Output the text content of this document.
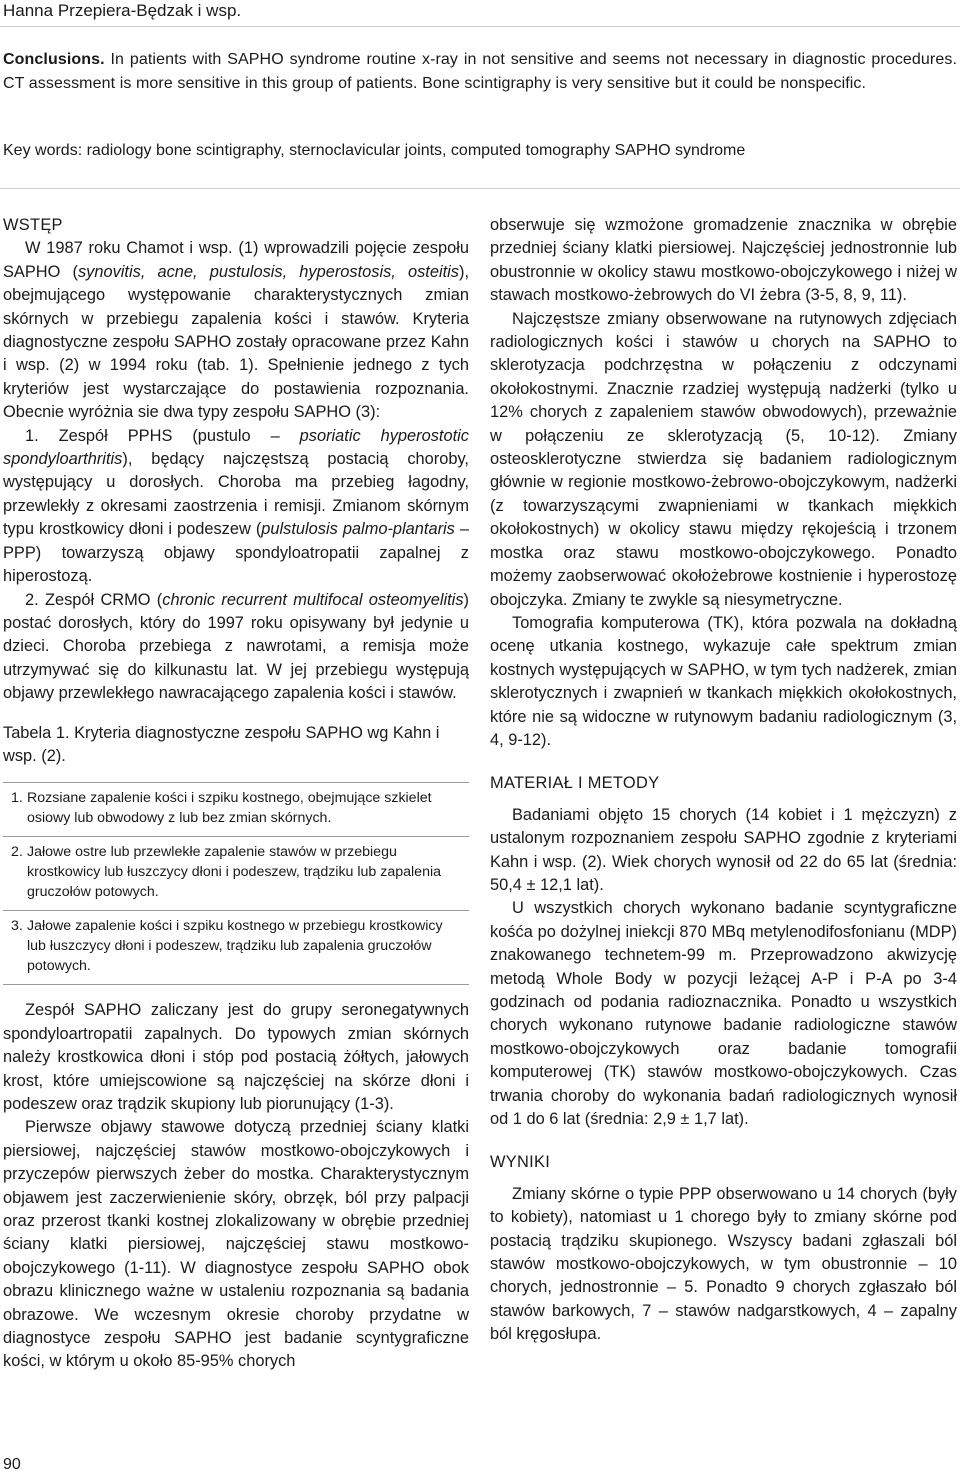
Hanna Przepiera-Będzak i wsp.
Conclusions. In patients with SAPHO syndrome routine x-ray in not sensitive and seems not necessary in diagnostic procedures. CT assessment is more sensitive in this group of patients. Bone scintigraphy is very sensitive but it could be nonspecific.
Key words: radiology bone scintigraphy, sternoclavicular joints, computed tomography SAPHO syndrome
WSTĘP

W 1987 roku Chamot i wsp. (1) wprowadzili pojęcie zespołu SAPHO (synovitis, acne, pustulosis, hyperostosis, osteitis), obejmującego występowanie charakterystycznych zmian skórnych w przebiegu zapalenia kości i stawów. Kryteria diagnostyczne zespołu SAPHO zostały opracowane przez Kahn i wsp. (2) w 1994 roku (tab. 1). Spełnienie jednego z tych kryteriów jest wystarczające do postawienia rozpoznania. Obecnie wyróżnia sie dwa typy zespołu SAPHO (3):

1. Zespół PPHS (pustulo – psoriatic hyperostotic spondyloarthritis), będący najczęstszą postacią choroby, występujący u dorosłych. Choroba ma przebieg łagodny, przewlekły z okresami zaostrzenia i remisji. Zmianom skórnym typu krostkowicy dłoni i podeszew (pulstulosis palmo-plantaris – PPP) towarzyszą objawy spondyloatropatii zapalnej z hiperostozą.

2. Zespół CRMO (chronic recurrent multifocal osteomyelitis) postać dorosłych, który do 1997 roku opisywany był jedynie u dzieci. Choroba przebiega z nawrotami, a remisja może utrzymywać się do kilkunastu lat. W jej przebiegu występują objawy przewlekłego nawracającego zapalenia kości i stawów.

Tabela 1. Kryteria diagnostyczne zespołu SAPHO wg Kahn i wsp. (2).

1. Rozsiane zapalenie kości i szpiku kostnego, obejmujące szkielet osiowy lub obwodowy z lub bez zmian skórnych.

2. Jałowe ostre lub przewlekłe zapalenie stawów w przebiegu krostkowicy lub łuszczycy dłoni i podeszew, trądziku lub zapalenia gruczołów potowych.

3. Jałowe zapalenie kości i szpiku kostnego w przebiegu krostkowicy lub łuszczycy dłoni i podeszew, trądziku lub zapalenia gruczołów potowych.

Zespół SAPHO zaliczany jest do grupy seronegatywnych spondyloartropatii zapalnych. Do typowych zmian skórnych należy krostkowica dłoni i stóp pod postacią żółtych, jałowych krost, które umiejscowione są najczęściej na skórze dłoni i podeszew oraz trądzik skupiony lub piorunujący (1-3).

Pierwsze objawy stawowe dotyczą przedniej ściany klatki piersiowej, najczęściej stawów mostkowo-obojczykowych i przyczepów pierwszych żeber do mostka. Charakterystycznym objawem jest zaczerwienienie skóry, obrzęk, ból przy palpacji oraz przerost tkanki kostnej zlokalizowany w obrębie przedniej ściany klatki piersiowej, najczęściej stawu mostkowo-obojczykowego (1-11). W diagnostyce zespołu SAPHO obok obrazu klinicznego ważne w ustaleniu rozpoznania są badania obrazowe. We wczesnym okresie choroby przydatne w diagnostyce zespołu SAPHO jest badanie scyntygraficzne kości, w którym u około 85-95% chorych

obserwuje się wzmożone gromadzenie znacznika w obrębie przedniej ściany klatki piersiowej. Najczęściej jednostronnie lub obustronnie w okolicy stawu mostkowo-obojczykowego i niżej w stawach mostkowo-żebrowych do VI żebra (3-5, 8, 9, 11).

Najczęstsze zmiany obserwowane na rutynowych zdjęciach radiologicznych kości i stawów u chorych na SAPHO to sklerotyzacja podchrzęstna w połączeniu z odczynami okołokostnymi. Znacznie rzadziej występują nadżerki (tylko u 12% chorych z zapaleniem stawów obwodowych), przeważnie w połączeniu ze sklerotyzacją (5, 10-12). Zmiany osteosklerotyczne stwierdza się badaniem radiologicznym głównie w regionie mostkowo-żebrowo-obojczykowym, nadżerki (z towarzyszącymi zwapnieniami w tkankach miękkich okołokostnych) w okolicy stawu między rękojeścią i trzonem mostka oraz stawu mostkowo-obojczykowego. Ponadto możemy zaobserwować okołożebrowe kostnienie i hyperostozę obojczyka. Zmiany te zwykle są niesymetryczne.

Tomografia komputerowa (TK), która pozwala na dokładną ocenę utkania kostnego, wykazuje całe spektrum zmian kostnych występujących w SAPHO, w tym tych nadżerek, zmian sklerotycznych i zwapnień w tkankach miękkich okołokostnych, które nie są widoczne w rutynowym badaniu radiologicznym (3, 4, 9-12).

MATERIAŁ I METODY

Badaniami objęto 15 chorych (14 kobiet i 1 mężczyzn) z ustalonym rozpoznaniem zespołu SAPHO zgodnie z kryteriami Kahn i wsp. (2). Wiek chorych wynosił od 22 do 65 lat (średnia: 50,4 ± 12,1 lat).

U wszystkich chorych wykonano badanie scyntygraficzne kośća po dożylnej iniekcji 870 MBq metylenodifosfonianu (MDP) znakowanego technetem-99 m. Przeprowadzono akwizycję metodą Whole Body w pozycji leżącej A-P i P-A po 3-4 godzinach od podania radioznacznika. Ponadto u wszystkich chorych wykonano rutynowe badanie radiologiczne stawów mostkowo-obojczykowych oraz badanie tomografii komputerowej (TK) stawów mostkowo-obojczykowych. Czas trwania choroby do wykonania badań radiologicznych wynosił od 1 do 6 lat (średnia: 2,9 ± 1,7 lat).

WYNIKI

Zmiany skórne o typie PPP obserwowano u 14 chorych (były to kobiety), natomiast u 1 chorego były to zmiany skórne pod postacią trądziku skupionego. Wszyscy badani zgłaszali ból stawów mostkowo-obojczykowych, w tym obustronnie – 10 chorych, jednostronnie – 5. Ponadto 9 chorych zgłaszało ból stawów barkowych, 7 – stawów nadgarstkowych, 4 – zapalny ból kręgosłupa.

90
